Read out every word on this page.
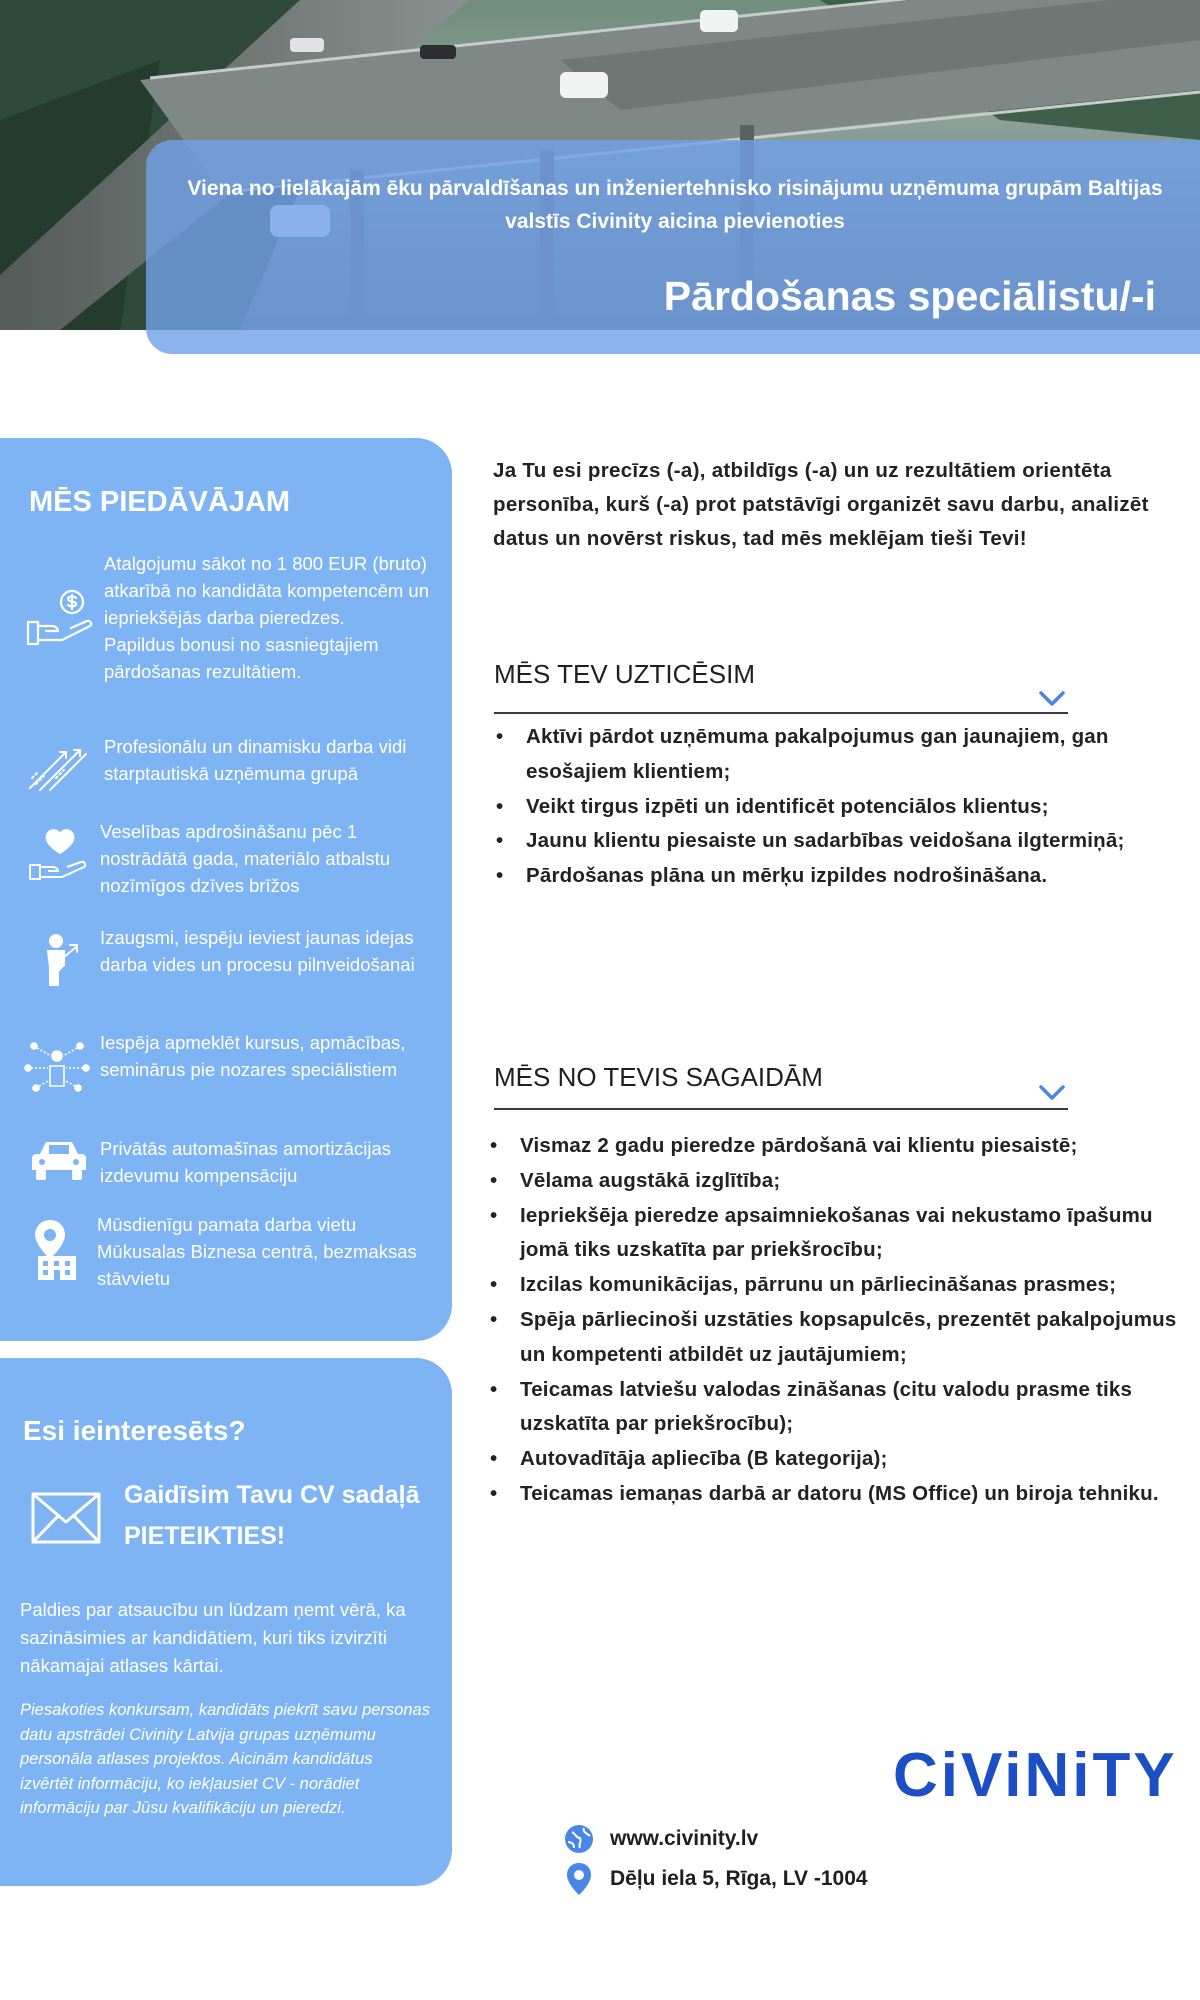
Viena no lielākajām ēku pārvaldīšanas un inženiertehnisko risinājumu uzņēmuma grupām Baltijas valstīs Civinity aicina pievienoties
Pārdošanas speciālistu/-i
MĒS PIEDĀVĀJAM
Atalgojumu sākot no 1 800 EUR (bruto) atkarībā no kandidāta kompetencēm un iepriekšējās darba pieredzes.
Papildus bonusi no sasniegtajiem pārdošanas rezultātiem.
Profesionālu un dinamisku darba vidi starptautiskā uzņēmuma grupā
Veselības apdrošināšanu pēc 1 nostrādātā gada, materiālo atbalstu nozīmīgos dzīves brīžos
Izaugsmi, iespēju ieviest jaunas idejas darba vides un procesu pilnveidošanai
Iespēja apmeklēt kursus, apmācības, seminārus pie nozares speciālistiem
Privātās automašīnas amortizācijas izdevumu kompensāciju
Mūsdienīgu pamata darba vietu Mūkusalas Biznesa centrā, bezmaksas stāvvietu
Esi ieinteresēts?
Gaidīsim Tavu CV sadaļā PIETEIKTIES!
Paldies par atsaucību un lūdzam ņemt vērā, ka sazināsimies ar kandidātiem, kuri tiks izvirzīti nākamajai atlases kārtai.
Piesakoties konkursam, kandidāts piekrīt savu personas datu apstrādei Civinity Latvija grupas uzņēmumu personāla atlases projektos. Aicinām kandidātus izvērtēt informāciju, ko iekļausiet CV - norādiet informāciju par Jūsu kvalifikāciju un pieredzi.
Ja Tu esi precīzs (-a), atbildīgs (-a) un uz rezultātiem orientēta personība, kurš (-a) prot patstāvīgi organizēt savu darbu, analizēt datus un novērst riskus, tad mēs meklējam tieši Tevi!
MĒS TEV UZTICĒSIM
• Aktīvi pārdot uzņēmuma pakalpojumus gan jaunajiem, gan esošajiem klientiem;
• Veikt tirgus izpēti un identificēt potenciālos klientus;
• Jaunu klientu piesaiste un sadarbības veidošana ilgtermiņā;
• Pārdošanas plāna un mērķu izpildes nodrošināšana.
MĒS NO TEVIS SAGAIDĀM
• Vismaz 2 gadu pieredze pārdošanā vai klientu piesaistē;
• Vēlama augstākā izglītība;
• Iepriekšēja pieredze apsaimniekošanas vai nekustamo īpašumu jomā tiks uzskatīta par priekšrocību;
• Izcilas komunikācijas, pārrunu un pārliecināšanas prasmes;
• Spēja pārliecinoši uzstāties kopsapulcēs, prezentēt pakalpojumus un kompetenti atbildēt uz jautājumiem;
• Teicamas latviešu valodas zināšanas (citu valodu prasme tiks uzskatīta par priekšrocību);
• Autovadītāja apliecība (B kategorija);
• Teicamas iemaņas darbā ar datoru (MS Office) un biroja tehniku.
CiViNiTY
www.civinity.lv
Dēļu iela 5, Rīga, LV -1004
